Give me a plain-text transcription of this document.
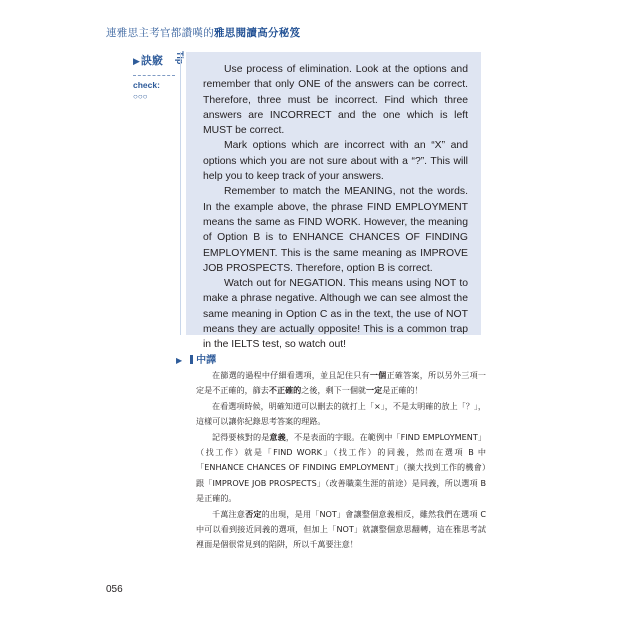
連雅思主考官都讚嘆的雅思閱讀高分秘笈
▶訣竅	Tip
check:
○○○

Use process of elimination. Look at the options and remember that only ONE of the answers can be correct. Therefore, three must be incorrect. Find which three answers are INCORRECT and the one which is left MUST be correct.

Mark options which are incorrect with an “X” and options which you are not sure about with a “?”. This will help you to keep track of your answers.

Remember to match the MEANING, not the words. In the example above, the phrase FIND EMPLOYMENT means the same as FIND WORK. However, the meaning of Option B is to ENHANCE CHANCES OF FINDING EMPLOYMENT. This is the same meaning as IMPROVE JOB PROSPECTS. Therefore, option B is correct.

Watch out for NEGATION. This means using NOT to make a phrase negative. Although we can see almost the same meaning in Option C as in the text, the use of NOT means they are actually opposite! This is a common trap in the IELTS test, so watch out!

▶ 中譯

在篩選的過程中仔細看選項，並且記住只有一個正確答案，所以另外三項一定是不正確的，篩去不正確的之後，剩下一個就一定是正確的！

在看選項時候，明確知道可以刪去的就打上「×」，不是太明確的放上「？」，這樣可以讓你紀錄思考答案的理路。

記得要核對的是意義，不是表面的字眼。在範例中「FIND EMPLOYMENT」（找工作）就是「FIND WORK」（找工作）的同義，然而在選項 B 中「ENHANCE CHANCES OF FINDING EMPLOYMENT」（擴大找到工作的機會）跟「IMPROVE JOB PROSPECTS」（改善職業生涯的前途）是同義，所以選項 B 是正確的。

千萬注意否定的出現，是用「NOT」會讓整個意義相反，雖然我們在選項 C 中可以看到接近同義的選項，但加上「NOT」就讓整個意思翻轉，這在雅思考試裡面是個很常見到的陷阱，所以千萬要注意！

056
